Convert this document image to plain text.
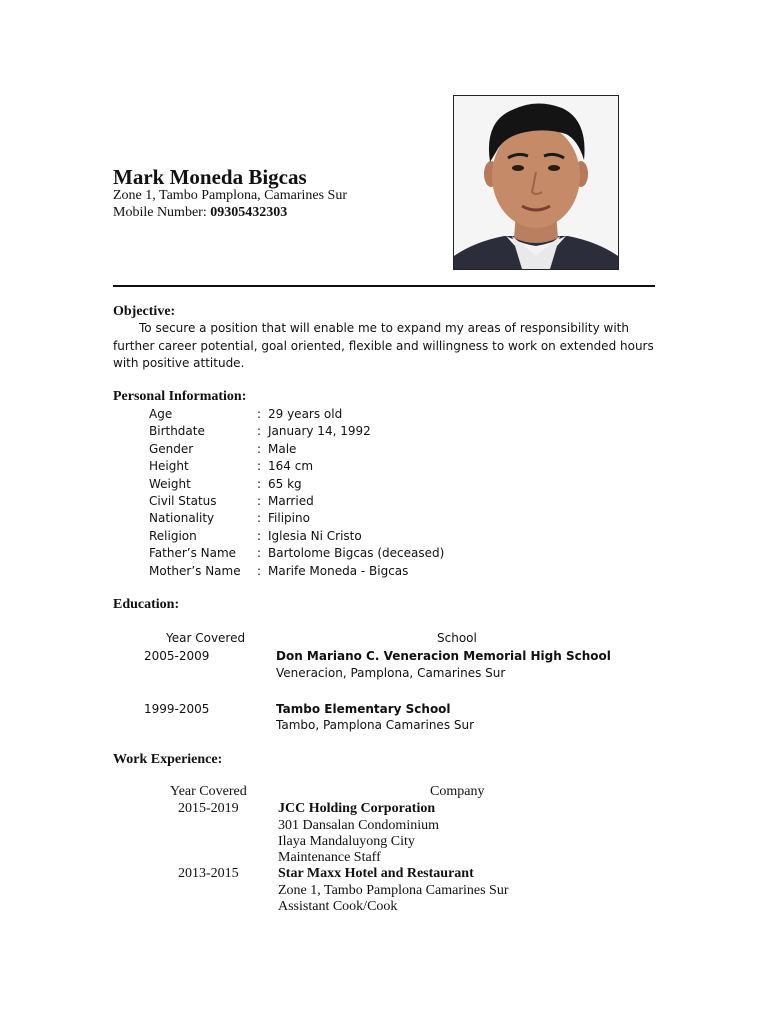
Mark Moneda Bigcas
Zone 1, Tambo Pamplona, Camarines Sur
Mobile Number: 09305432303
Objective:
To secure a position that will enable me to expand my areas of responsibility with further career potential, goal oriented, flexible and willingness to work on extended hours with positive attitude.
Personal Information:
Age	: 29 years old
Birthdate	: January 14, 1992
Gender	: Male
Height	: 164 cm
Weight	: 65 kg
Civil Status	: Married
Nationality	: Filipino
Religion	: Iglesia Ni Cristo
Father’s Name : Bartolome Bigcas (deceased)
Mother’s Name : Marife Moneda - Bigcas
Education:
Year Covered	School
2005-2009	Don Mariano C. Veneracion Memorial High School
Veneracion, Pamplona, Camarines Sur
1999-2005	Tambo Elementary School
Tambo, Pamplona Camarines Sur
Work Experience:
Year Covered	Company
2015-2019	JCC Holding Corporation
301 Dansalan Condominium
Ilaya Mandaluyong City
Maintenance Staff
2013-2015	Star Maxx Hotel and Restaurant
Zone 1, Tambo Pamplona Camarines Sur
Assistant Cook/Cook
